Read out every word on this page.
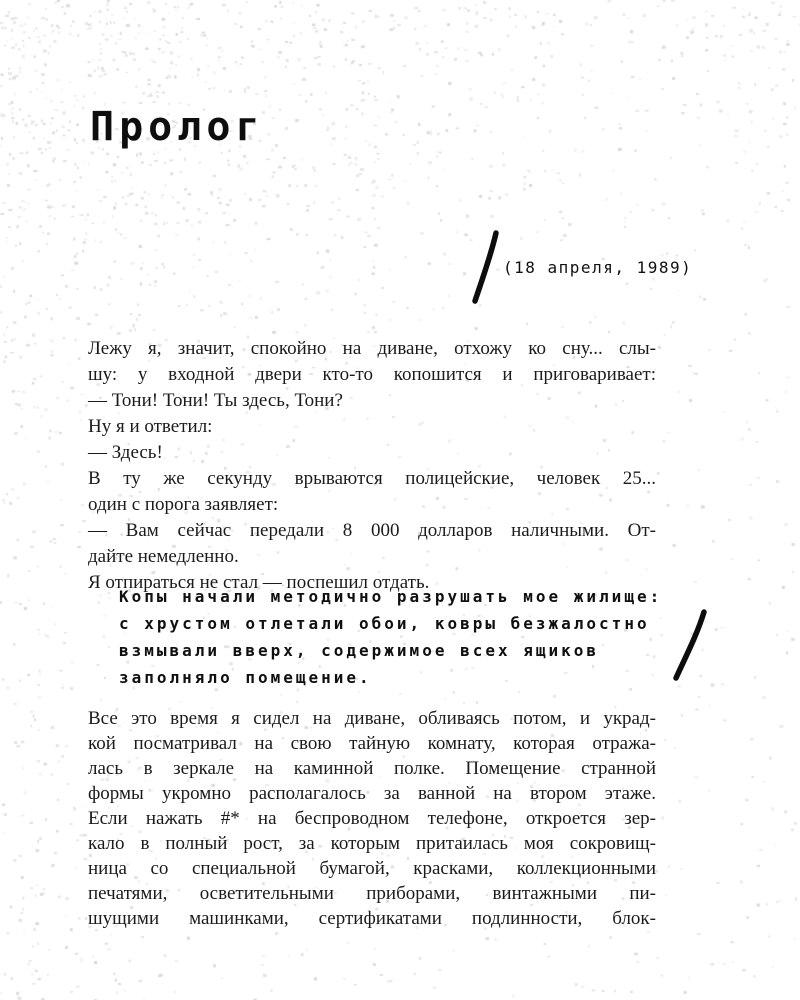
Пролог
(18 апреля, 1989)
Лежу я, значит, спокойно на диване, отхожу ко сну... слы-
шу: у входной двери кто-то копошится и приговаривает:
— Тони! Тони! Ты здесь, Тони?
Ну я и ответил:
— Здесь!
В ту же секунду врываются полицейские, человек 25...
один с порога заявляет:
— Вам сейчас передали 8 000 долларов наличными. От-
дайте немедленно.
Я отпираться не стал — поспешил отдать.
Копы начали методично разрушать мое жилище:
с хрустом отлетали обои, ковры безжалостно
взмывали вверх, содержимое всех ящиков
заполняло помещение.
Все это время я сидел на диване, обливаясь потом, и украд-
кой посматривал на свою тайную комнату, которая отража-
лась в зеркале на каминной полке. Помещение странной
формы укромно располагалось за ванной на втором этаже.
Если нажать #* на беспроводном телефоне, откроется зер-
кало в полный рост, за которым притаилась моя сокровищ-
ница со специальной бумагой, красками, коллекционными
печатями, осветительными приборами, винтажными пи-
шущими машинками, сертификатами подлинности, блок-
